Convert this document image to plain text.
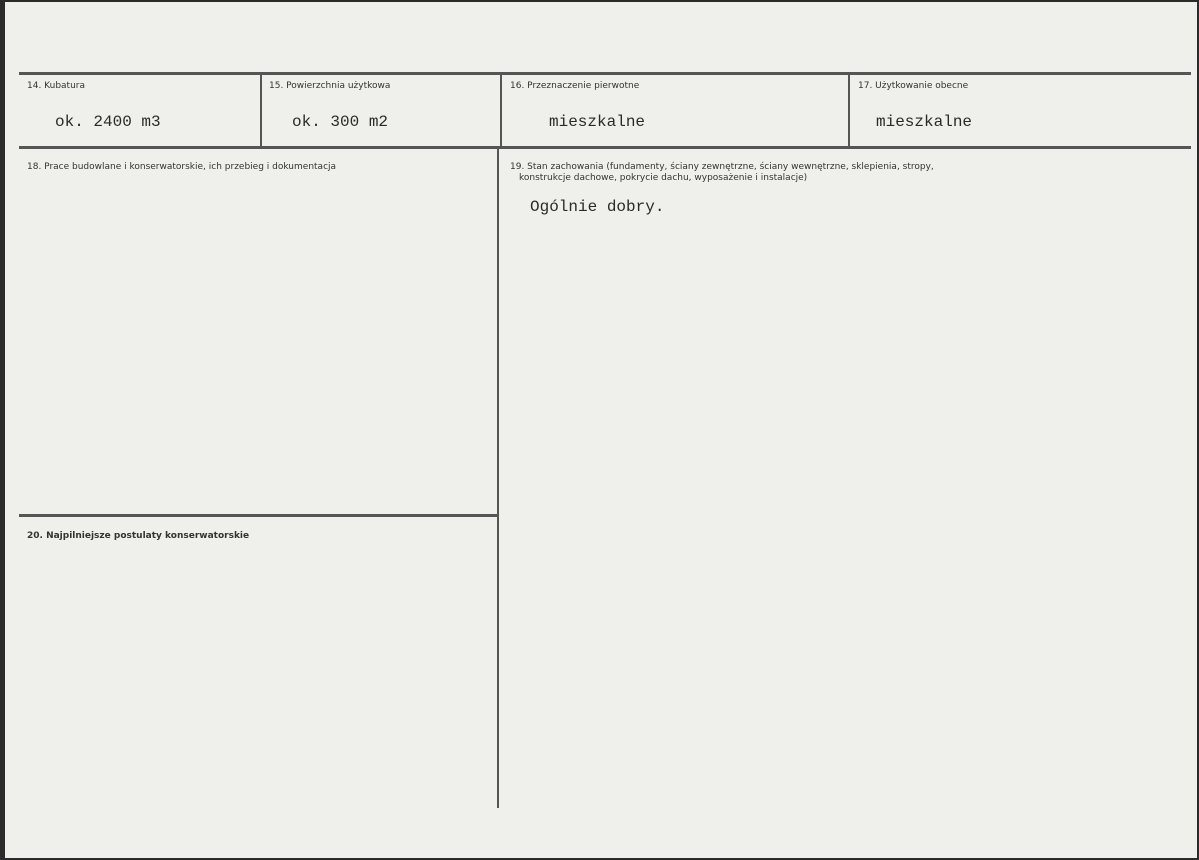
14. Kubatura
ok. 2400 m3
15. Powierzchnia użytkowa
ok. 300 m2
16. Przeznaczenie pierwotne
mieszkalne
17. Użytkowanie obecne
mieszkalne
18. Prace budowlane i konserwatorskie, ich przebieg i dokumentacja	19. Stan zachowania (fundamenty, ściany zewnętrzne, ściany wewnętrzne, sklepienia, stropy,
konstrukcje dachowe, pokrycie dachu, wyposażenie i instalacje)
Ogólnie dobry.
20. Najpilniejsze postulaty konserwatorskie
